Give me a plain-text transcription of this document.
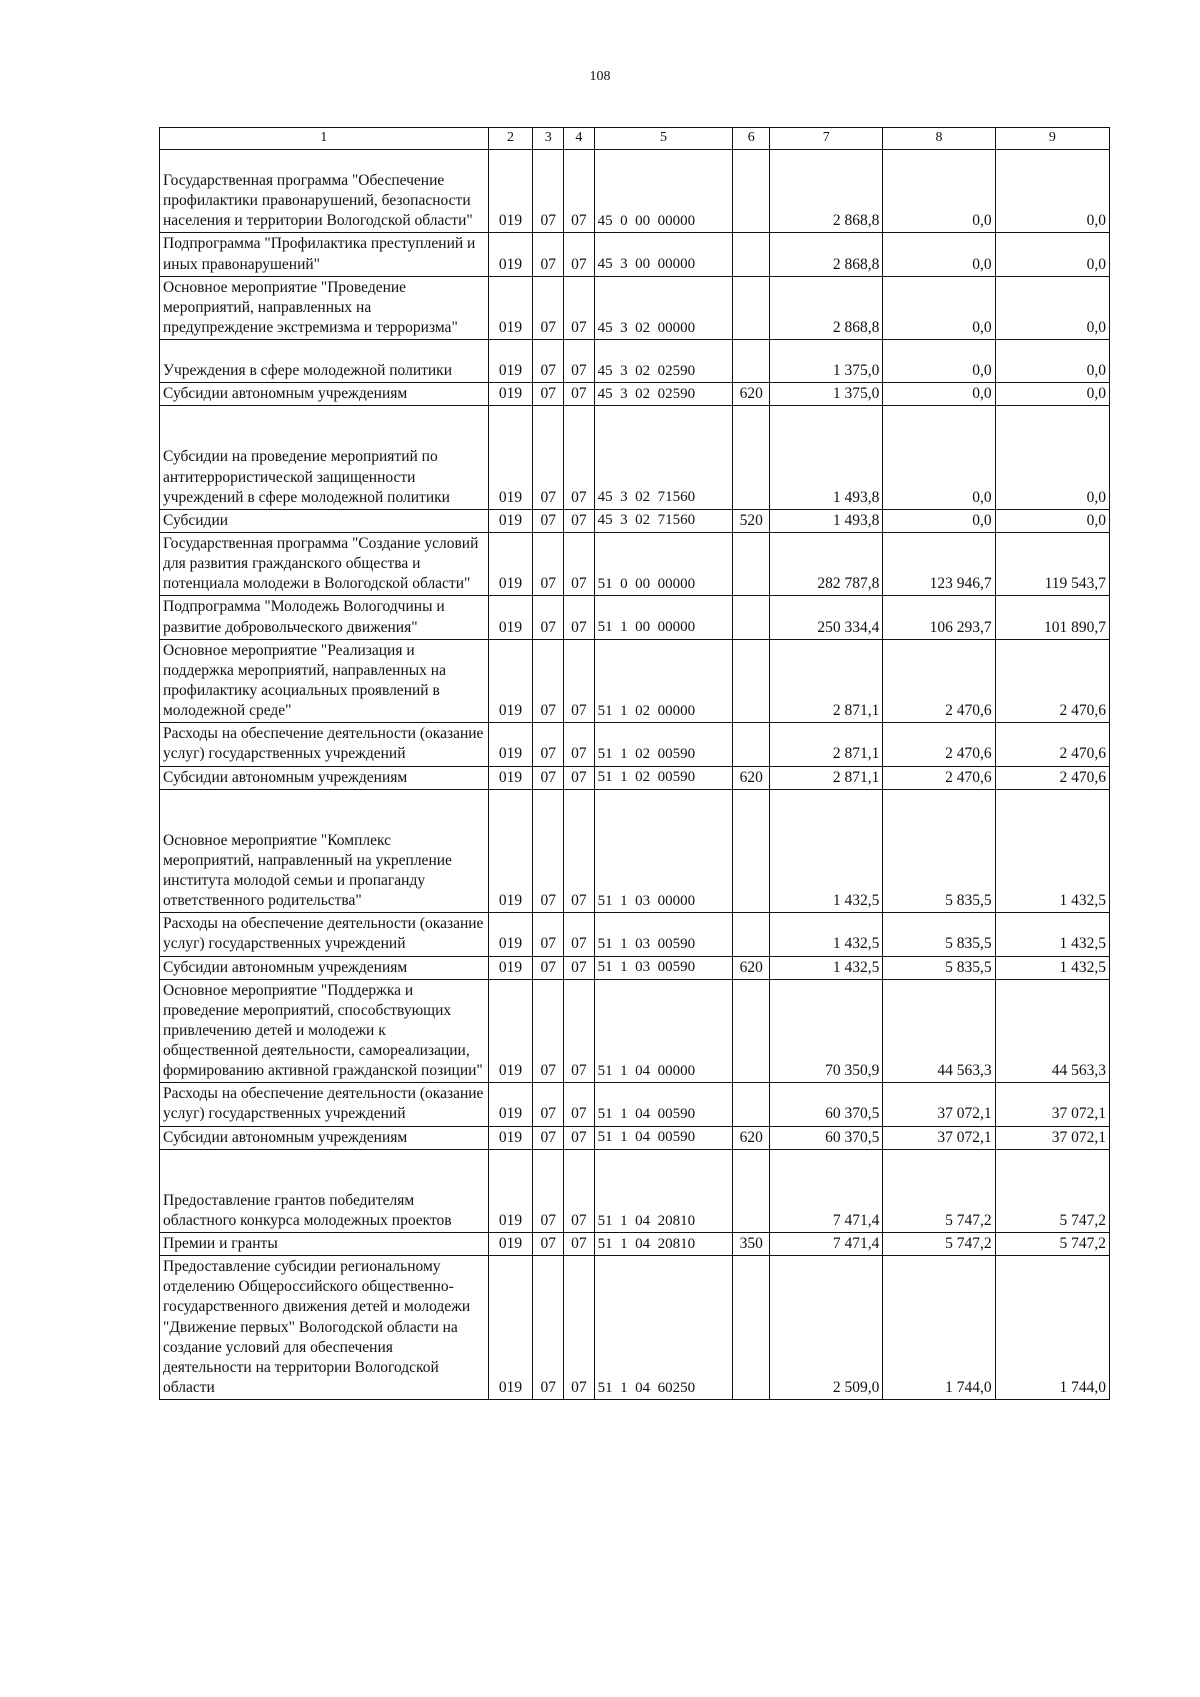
108
1	2	3	4	5	6	7	8	9

Государственная программа "Обеспечение профилактики правонарушений, безопасности населения и территории Вологодской области"	019	07	07	45  0  00  00000		2 868,8	0,0	0,0
Подпрограмма "Профилактика преступлений и иных правонарушений"	019	07	07	45  3  00  00000		2 868,8	0,0	0,0
Основное мероприятие "Проведение мероприятий, направленных на предупреждение экстремизма и терроризма"	019	07	07	45  3  02  00000		2 868,8	0,0	0,0

Учреждения в сфере молодежной политики	019	07	07	45  3  02  02590		1 375,0	0,0	0,0
Субсидии автономным учреждениям	019	07	07	45  3  02  02590	620	1 375,0	0,0	0,0

Субсидии на проведение мероприятий по антитеррористической защищенности учреждений в сфере молодежной политики	019	07	07	45  3  02  71560		1 493,8	0,0	0,0
Субсидии	019	07	07	45  3  02  71560	520	1 493,8	0,0	0,0
Государственная программа "Создание условий для развития гражданского общества и потенциала молодежи в Вологодской области"	019	07	07	51  0  00  00000		282 787,8	123 946,7	119 543,7
Подпрограмма "Молодежь Вологодчины и развитие добровольческого движения"	019	07	07	51  1  00  00000		250 334,4	106 293,7	101 890,7
Основное мероприятие "Реализация и поддержка мероприятий, направленных на профилактику асоциальных проявлений в молодежной среде"	019	07	07	51  1  02  00000		2 871,1	2 470,6	2 470,6
Расходы на обеспечение деятельности (оказание услуг) государственных учреждений	019	07	07	51  1  02  00590		2 871,1	2 470,6	2 470,6
Субсидии автономным учреждениям	019	07	07	51  1  02  00590	620	2 871,1	2 470,6	2 470,6

Основное мероприятие "Комплекс мероприятий, направленный на укрепление института молодой семьи и пропаганду ответственного родительства"	019	07	07	51  1  03  00000		1 432,5	5 835,5	1 432,5
Расходы на обеспечение деятельности (оказание услуг) государственных учреждений	019	07	07	51  1  03  00590		1 432,5	5 835,5	1 432,5
Субсидии автономным учреждениям	019	07	07	51  1  03  00590	620	1 432,5	5 835,5	1 432,5
Основное мероприятие "Поддержка и проведение мероприятий, способствующих привлечению детей и молодежи к общественной деятельности, самореализации, формированию активной гражданской позиции"	019	07	07	51  1  04  00000		70 350,9	44 563,3	44 563,3
Расходы на обеспечение деятельности (оказание услуг) государственных учреждений	019	07	07	51  1  04  00590		60 370,5	37 072,1	37 072,1
Субсидии автономным учреждениям	019	07	07	51  1  04  00590	620	60 370,5	37 072,1	37 072,1

Предоставление грантов победителям областного конкурса молодежных проектов	019	07	07	51  1  04  20810		7 471,4	5 747,2	5 747,2
Премии и гранты	019	07	07	51  1  04  20810	350	7 471,4	5 747,2	5 747,2
Предоставление субсидии региональному отделению Общероссийского общественно-государственного движения детей и молодежи "Движение первых" Вологодской области на создание условий для обеспечения деятельности на территории Вологодской области	019	07	07	51  1  04  60250		2 509,0	1 744,0	1 744,0
